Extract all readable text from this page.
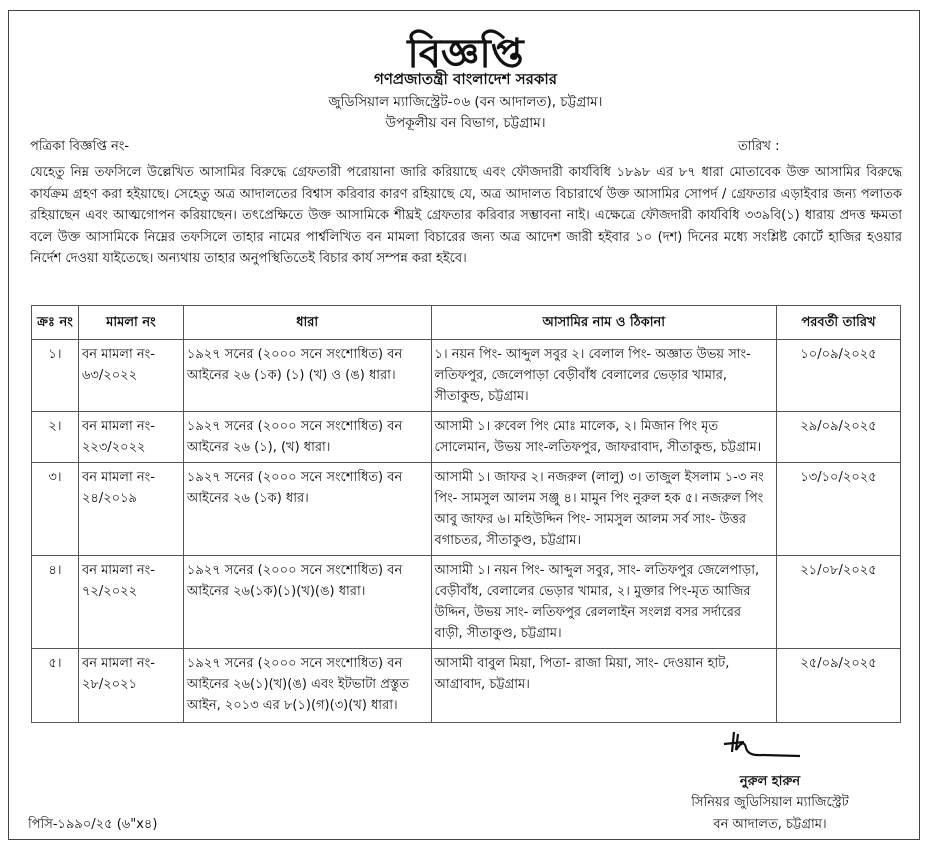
বিজ্ঞপ্তি
গণপ্রজাতন্ত্রী বাংলাদেশ সরকার
জুডিসিয়াল ম্যাজিস্ট্রেট-০৬ (বন আদালত), চট্টগ্রাম।
উপকূলীয় বন বিভাগ, চট্টগ্রাম।
পত্রিকা বিজ্ঞপ্তি নং-	তারিখ :
যেহেতু নিম্ন তফসিলে উল্লেখিত আসামির বিরুদ্ধে গ্রেফতারী পরোয়ানা জারি করিয়াছে এবং ফৌজদারী কার্যবিধি ১৮৯৮ এর ৮৭ ধারা মোতাবেক উক্ত আসামির বিরুদ্ধে কার্যক্রম গ্রহণ করা হইয়াছে। সেহেতু অত্র আদালতের বিশ্বাস করিবার কারণ রহিয়াছে যে, অত্র আদালত বিচারার্থে উক্ত আসামির সোপর্দ / গ্রেফতার এড়াইবার জন্য পলাতক রহিয়াছেন এবং আত্মগোপন করিয়াছেন। তৎপ্রেক্ষিতে উক্ত আসামিকে শীঘ্রই গ্রেফতার করিবার সম্ভাবনা নাই। এক্ষেত্রে ফৌজদারী কার্যবিধি ৩৩৯বি(১) ধারায় প্রদত্ত ক্ষমতা বলে উক্ত আসামিকে নিম্নের তফসিলে তাহার নামের পার্শ্বলিখিত বন মামলা বিচারের জন্য অত্র আদেশ জারী হইবার ১০ (দশ) দিনের মধ্যে সংশ্লিষ্ট কোর্টে হাজির হওয়ার নির্দেশ দেওয়া যাইতেছে। অন্যথায় তাহার অনুপস্থিতিতেই বিচার কার্য সম্পন্ন করা হইবে।
ক্রঃ নং	মামলা নং	ধারা	আসামির নাম ও ঠিকানা	পরবর্তী তারিখ
১।	বন মামলা নং- ৬৩/২০২২	১৯২৭ সনের (২০০০ সনে সংশোধিত) বন আইনের ২৬ (১ক) (১) (খ) ও (ঙ) ধারা।	১। নয়ন পিং- আব্দুল সবুর ২। বেলাল পিং- অজ্ঞাত উভয় সাং- লতিফপুর, জেলেপাড়া বেড়ীবাঁধ বেলালের ভেড়ার খামার, সীতাকুন্ড, চট্টগ্রাম।	১০/০৯/২০২৫
২।	বন মামলা নং- ২২৩/২০২২	১৯২৭ সনের (২০০০ সনে সংশোধিত) বন আইনের ২৬ (১), (খ) ধারা।	আসামী ১। রুবেল পিং মোঃ মালেক, ২। মিজান পিং মৃত সোলেমান, উভয় সাং-লতিফপুর, জাফরাবাদ, সীতাকুন্ড, চট্টগ্রাম।	২৯/০৯/২০২৫
৩।	বন মামলা নং- ২৪/২০১৯	১৯২৭ সনের (২০০০ সনে সংশোধিত) বন আইনের ২৬ (১ক) ধার।	আসামী ১। জাফর ২। নজরুল (লালু) ৩। তাজুল ইসলাম ১-৩ নং পিং- সামসুল আলম সঞ্জু ৪। মামুন পিং নুরুল হক ৫। নজরুল পিং আবু জাফর ৬। মহিউদ্দিন পিং- সামসুল আলম সর্ব সাং- উত্তর বগাচতর, সীতাকুণ্ড, চট্টগ্রাম।	১৩/১০/২০২৫
৪।	বন মামলা নং- ৭২/২০২২	১৯২৭ সনের (২০০০ সনে সংশোধিত) বন আইনের ২৬(১ক)(১)(খ)(ঙ) ধারা।	আসামী ১। নয়ন পিং- আব্দুল সবুর, সাং- লতিফপুর জেলেপাড়া, বেড়ীবাঁধ, বেলালের ভেড়ার খামার, ২। মুক্তার পিং-মৃত আজির উদ্দিন, উভয় সাং- লতিফপুর রেললাইন সংলগ্ন বসর সর্দারের বাড়ী, সীতাকুণ্ড, চট্টগ্রাম।	২১/০৮/২০২৫
৫।	বন মামলা নং- ২৮/২০২১	১৯২৭ সনের (২০০০ সনে সংশোধিত) বন আইনের ২৬(১)(খ)(ঙ) এবং ইটভাটা প্রস্তুত আইন, ২০১৩ এর ৮(১)(গ)(৩)(খ) ধারা।	আসামী বাবুল মিয়া, পিতা- রাজা মিয়া, সাং- দেওয়ান হাট, আগ্রাবাদ, চট্টগ্রাম।	২৫/০৯/২০২৫
নুরুল হারুন
সিনিয়র জুডিসিয়াল ম্যাজিস্ট্রেট
বন আদালত, চট্টগ্রাম।
পিসি-১৯৯০/২৫ (৬"x৪)
